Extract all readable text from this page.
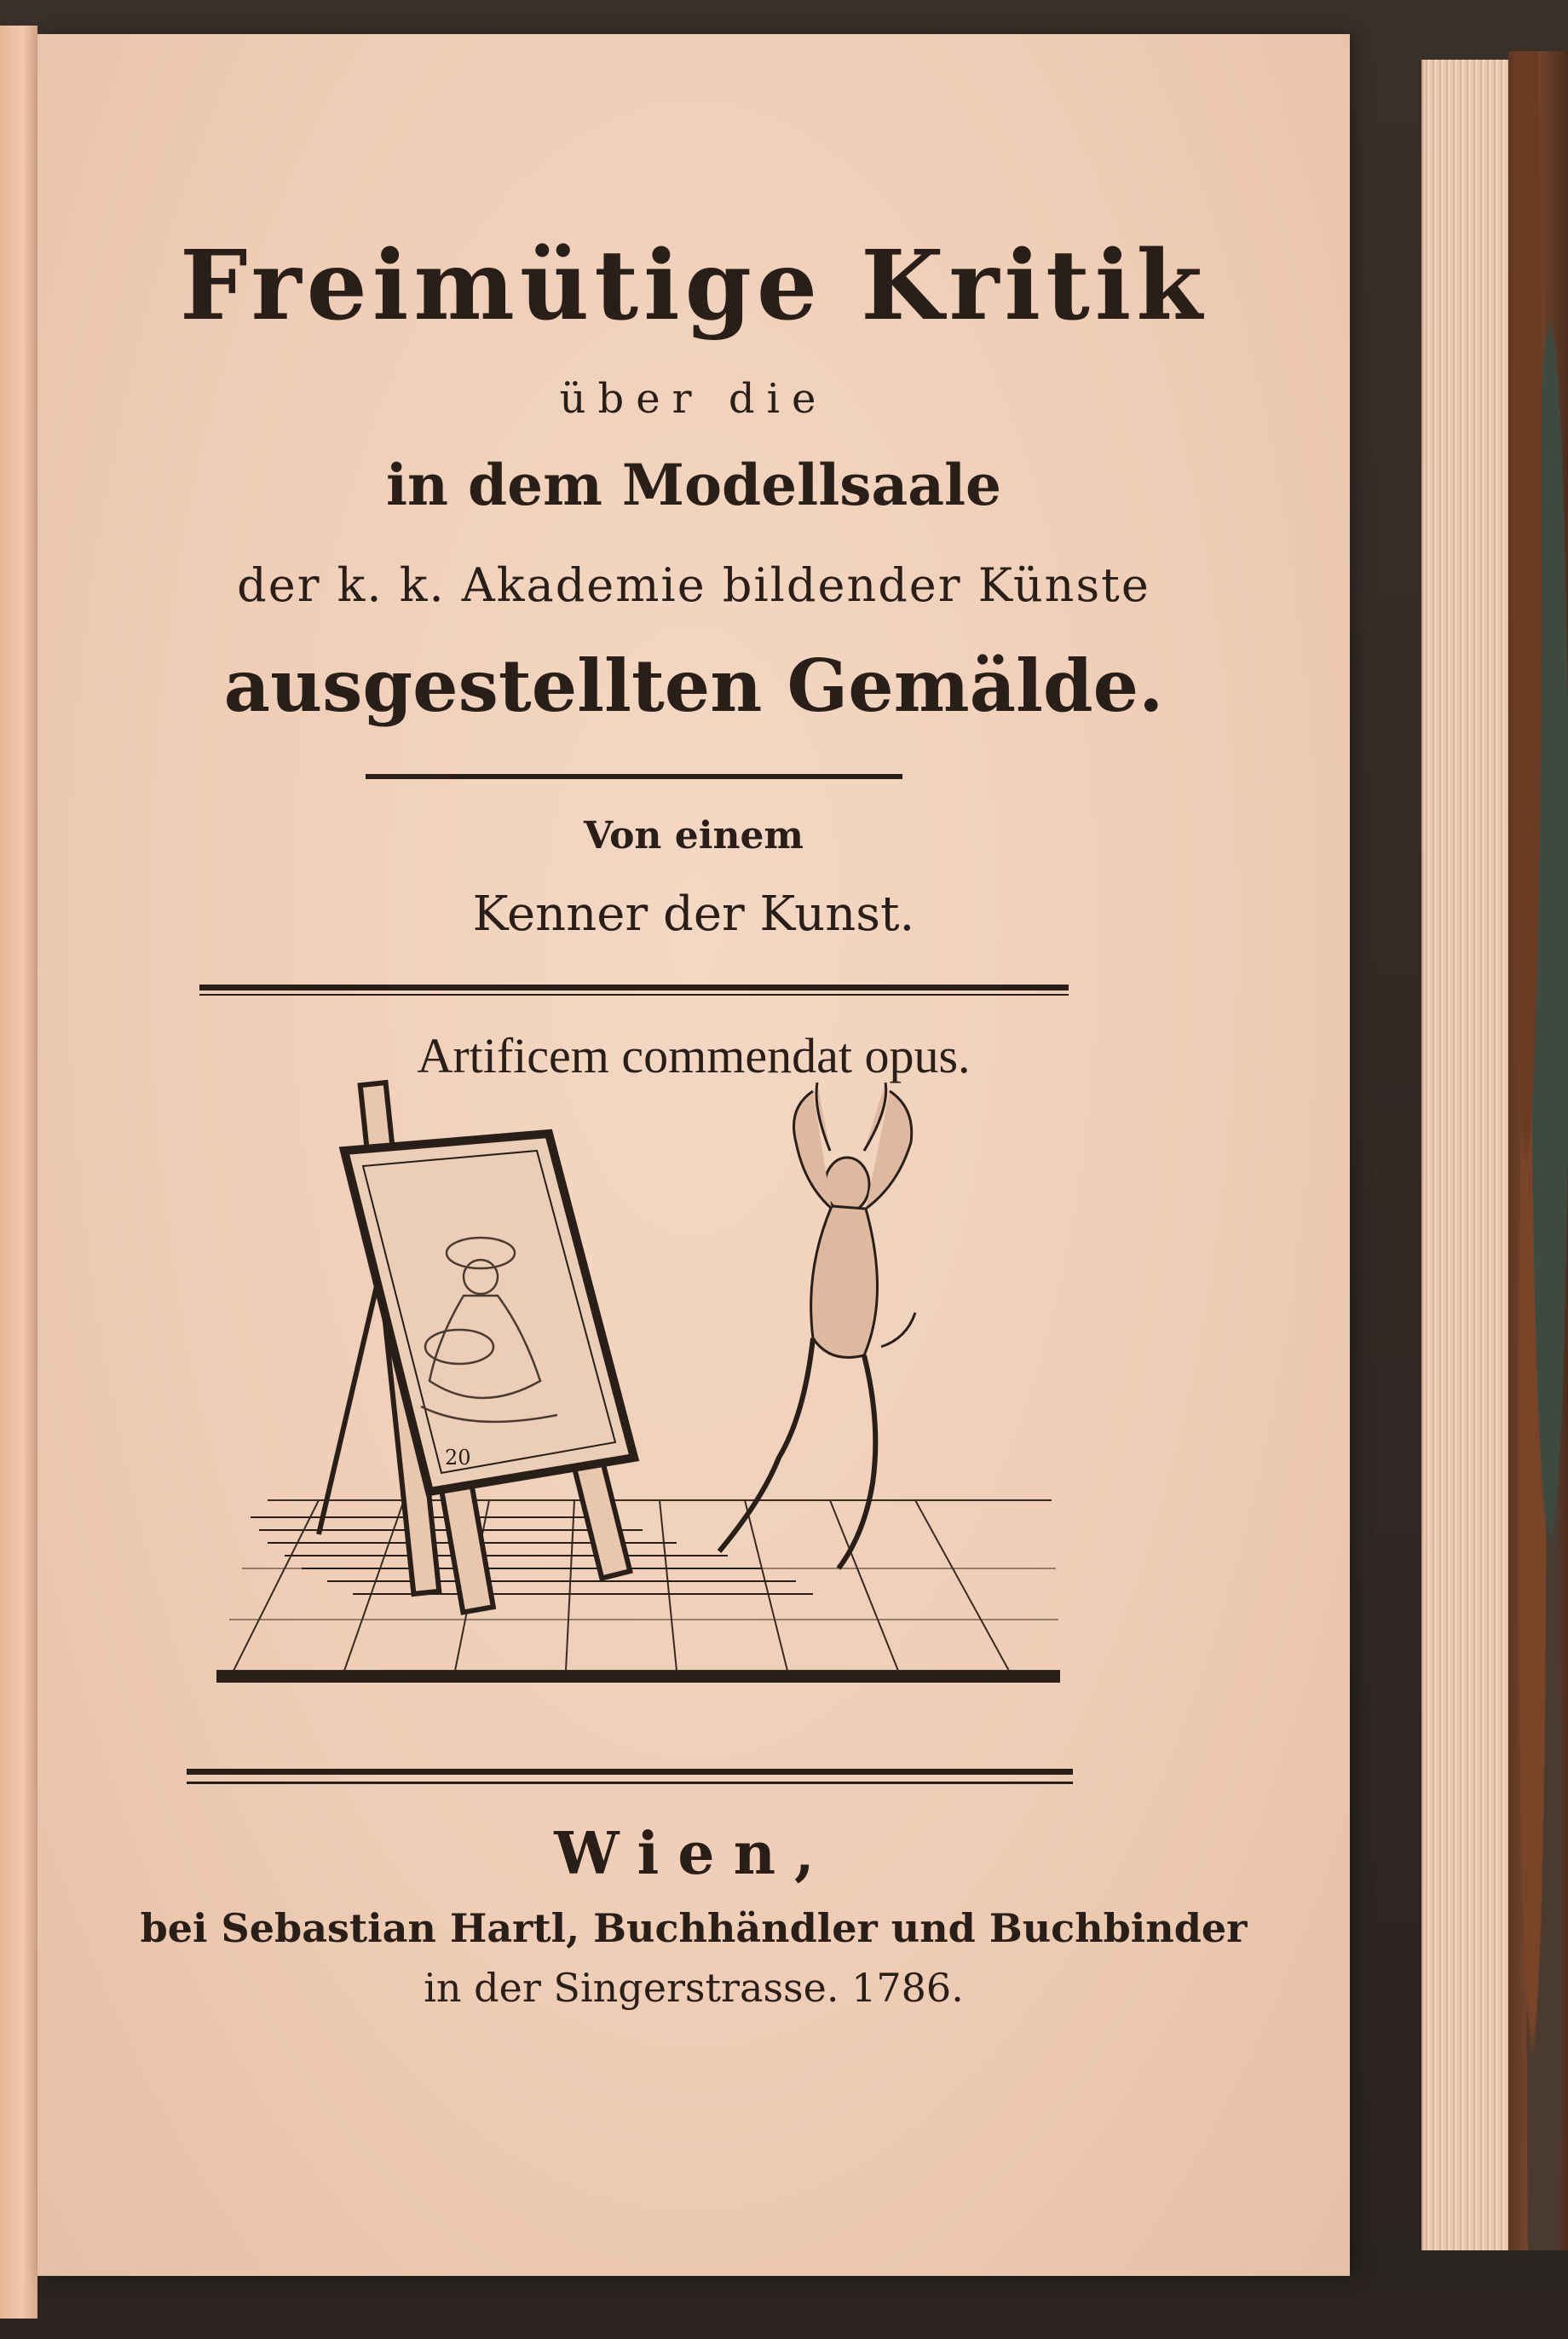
Freimütige Kritik
über die
in dem Modellsaale
der k. k. Akademie bildender Künste
ausgestellten Gemälde.
Von einem
Kenner der Kunst.
Artificem commendat opus.
20
Wien,
bei Sebastian Hartl, Buchhändler und Buchbinder
in der Singerstrasse. 1786.
